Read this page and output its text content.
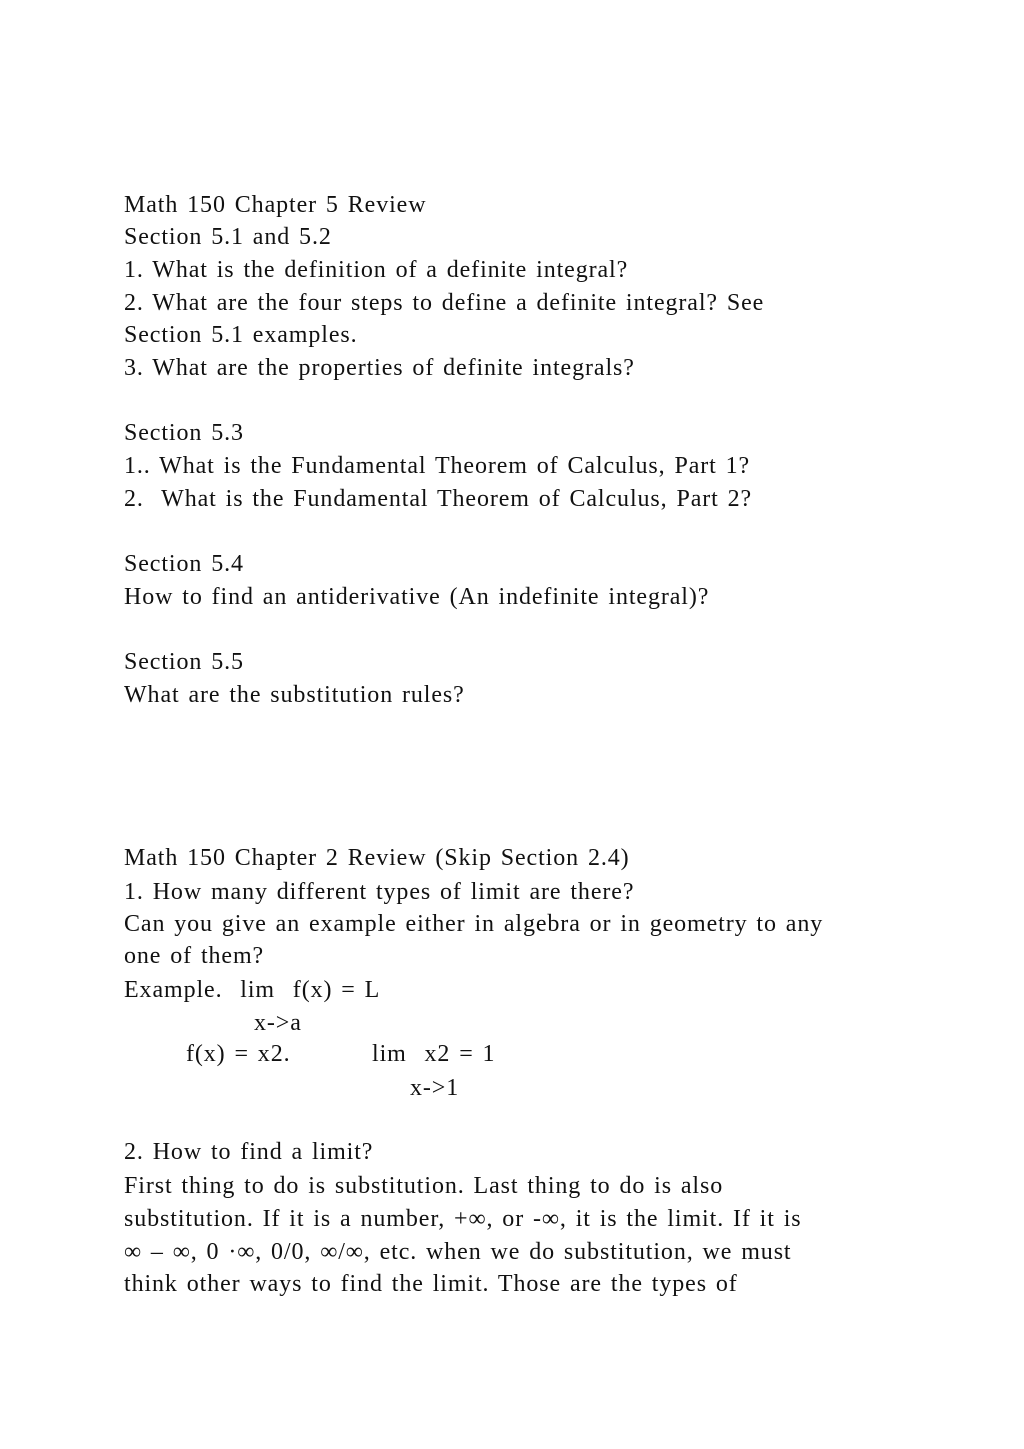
Math 150 Chapter 5 Review
Section 5.1 and 5.2
1. What is the definition of a definite integral?
2. What are the four steps to define a definite integral? See
Section 5.1 examples.
3. What are the properties of definite integrals?
Section 5.3
1.. What is the Fundamental Theorem of Calculus, Part 1?
2.  What is the Fundamental Theorem of Calculus, Part 2?
Section 5.4
How to find an antiderivative (An indefinite integral)?
Section 5.5
What are the substitution rules?
Math 150 Chapter 2 Review (Skip Section 2.4)
1. How many different types of limit are there?
Can you give an example either in algebra or in geometry to any
one of them?
Example.  lim  f(x) = L
x->a
f(x) = x2.	lim  x2 = 1
x->1
2. How to find a limit?
First thing to do is substitution. Last thing to do is also
substitution. If it is a number, +∞, or -∞, it is the limit. If it is
∞ – ∞, 0 ·∞, 0/0, ∞/∞, etc. when we do substitution, we must
think other ways to find the limit. Those are the types of
